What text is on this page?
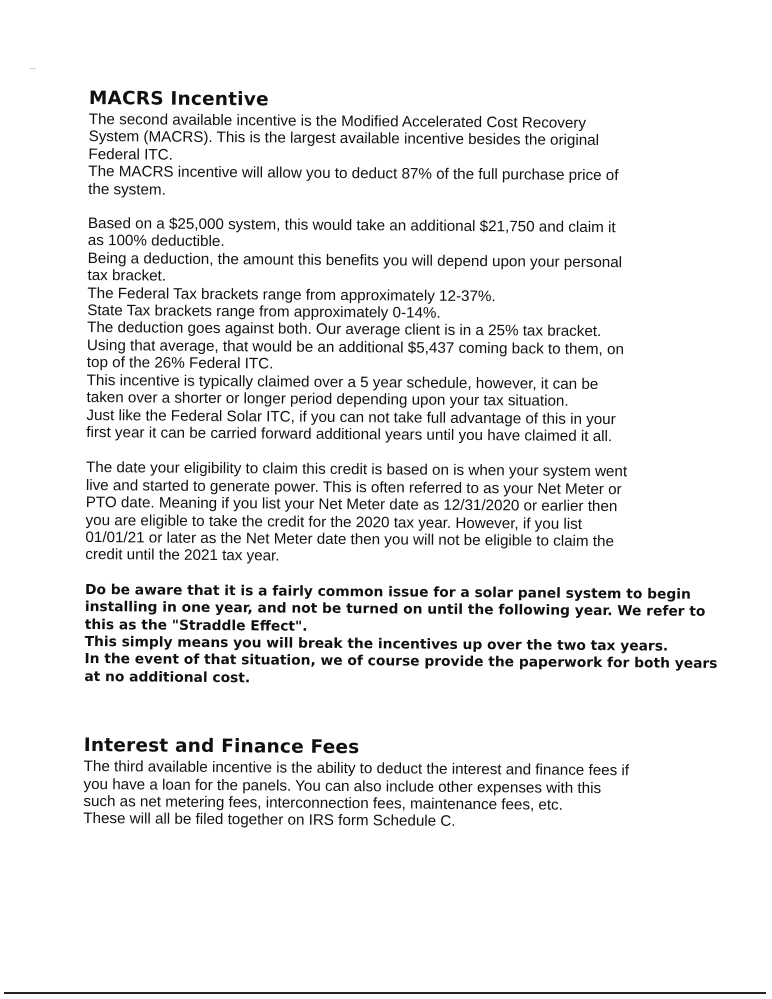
MACRS Incentive

The second available incentive is the Modified Accelerated Cost Recovery
System (MACRS). This is the largest available incentive besides the original
Federal ITC.
The MACRS incentive will allow you to deduct 87% of the full purchase price of
the system.

Based on a $25,000 system, this would take an additional $21,750 and claim it
as 100% deductible.
Being a deduction, the amount this benefits you will depend upon your personal
tax bracket.
The Federal Tax brackets range from approximately 12-37%.
State Tax brackets range from approximately 0-14%.
The deduction goes against both. Our average client is in a 25% tax bracket.
Using that average, that would be an additional $5,437 coming back to them, on
top of the 26% Federal ITC.
This incentive is typically claimed over a 5 year schedule, however, it can be
taken over a shorter or longer period depending upon your tax situation.
Just like the Federal Solar ITC, if you can not take full advantage of this in your
first year it can be carried forward additional years until you have claimed it all.

The date your eligibility to claim this credit is based on is when your system went
live and started to generate power. This is often referred to as your Net Meter or
PTO date. Meaning if you list your Net Meter date as 12/31/2020 or earlier then
you are eligible to take the credit for the 2020 tax year. However, if you list
01/01/21 or later as the Net Meter date then you will not be eligible to claim the
credit until the 2021 tax year.

Do be aware that it is a fairly common issue for a solar panel system to begin
installing in one year, and not be turned on until the following year. We refer to
this as the "Straddle Effect".
This simply means you will break the incentives up over the two tax years.
In the event of that situation, we of course provide the paperwork for both years
at no additional cost.

Interest and Finance Fees

The third available incentive is the ability to deduct the interest and finance fees if
you have a loan for the panels. You can also include other expenses with this
such as net metering fees, interconnection fees, maintenance fees, etc.
These will all be filed together on IRS form Schedule C.
